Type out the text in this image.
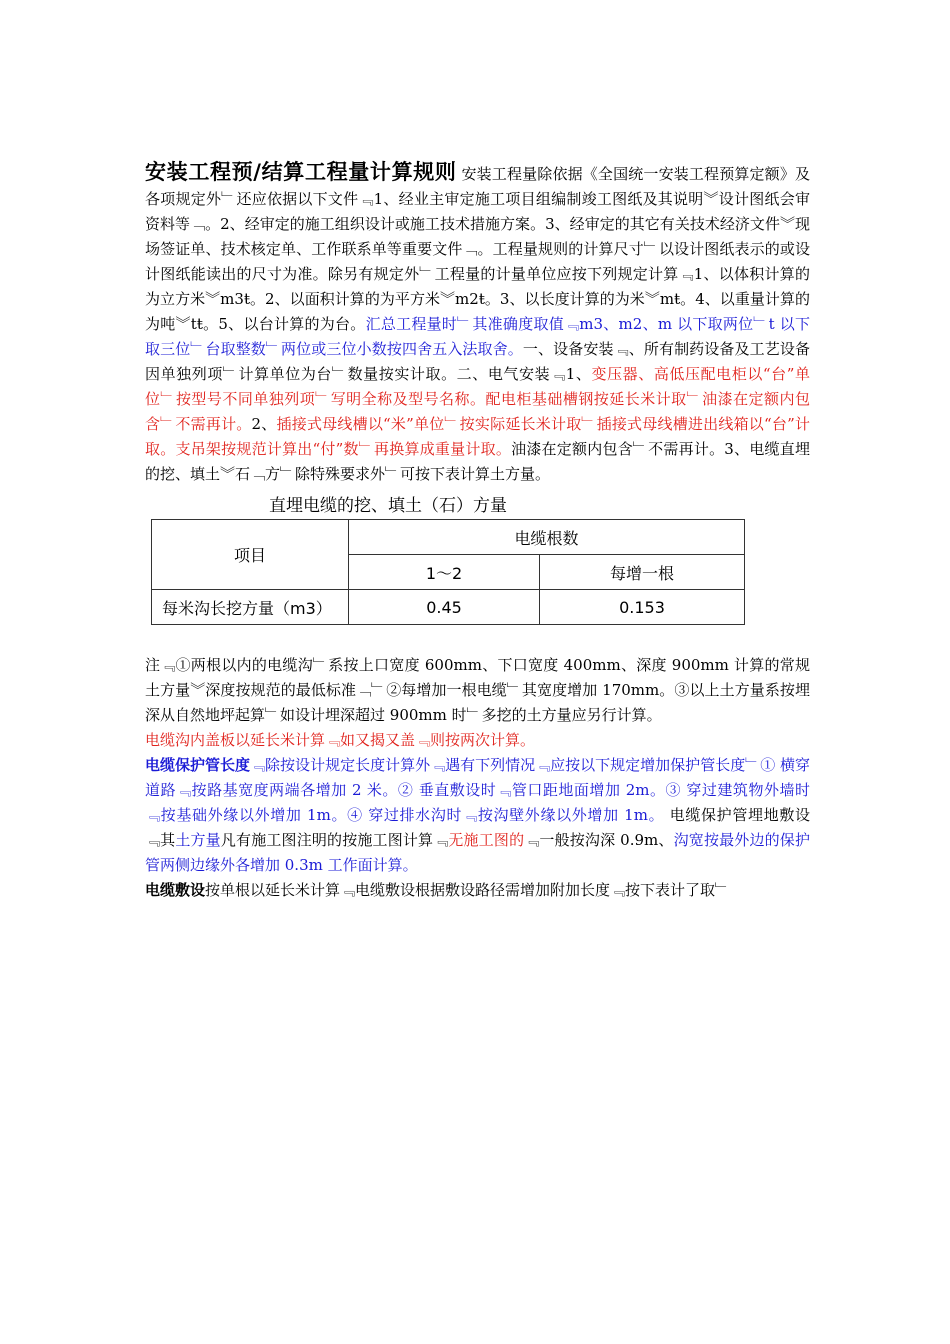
安装工程预/结算工程量计算规则 安装工程量除依据《全国统一安装工程预算定额》及各项规定外﹂还应依据以下文件﹃1、经业主审定施工项目组编制竣工图纸及其说明︾设计图纸会审资料等﹁。2、经审定的施工组织设计或施工技术措施方案。3、经审定的其它有关技术经济文件︾现场签证单、技术核定单、工作联系单等重要文件﹁。工程量规则的计算尺寸﹂以设计图纸表示的或设计图纸能读出的尺寸为准。除另有规定外﹂工程量的计量单位应按下列规定计算﹃1、以体积计算的为立方米︾m3ŧ。2、以面积计算的为平方米︾m2ŧ。3、以长度计算的为米︾mŧ。4、以重量计算的为吨︾tŧ。5、以台计算的为台。汇总工程量时﹂其准确度取值﹃m3、m2、m 以下取两位﹂t 以下取三位﹂台取整数﹂两位或三位小数按四舍五入法取舍。一、设备安装﹃、所有制药设备及工艺设备因单独列项﹂计算单位为台﹂数量按实计取。二、电气安装﹃1、变压器、高低压配电柜以“台”单位﹂按型号不同单独列项﹂写明全称及型号名称。配电柜基础槽钢按延长米计取﹂油漆在定额内包含﹂不需再计。2、插接式母线槽以“米”单位﹂按实际延长米计取﹂插接式母线槽进出线箱以“台”计取。支吊架按规范计算出“付”数﹂再换算成重量计取。油漆在定额内包含﹂不需再计。3、电缆直埋的挖、填土︾石﹁方﹂除特殊要求外﹂可按下表计算土方量。

直埋电缆的挖、填土（石）方量
项目	电缆根数	
	1～2	每增一根
每米沟长挖方量（m3）	0.45	0.153

注﹃①两根以内的电缆沟﹂系按上口宽度 600mm、下口宽度 400mm、深度 900mm 计算的常规土方量︾深度按规范的最低标准﹁﹂②每增加一根电缆﹂其宽度增加 170mm。③以上土方量系按埋深从自然地坪起算﹂如设计埋深超过 900mm 时﹂多挖的土方量应另行计算。
电缆沟内盖板以延长米计算﹃如又揭又盖﹃则按两次计算。

电缆保护管长度﹃除按设计规定长度计算外﹃遇有下列情况﹃应按以下规定增加保护管长度﹂① 横穿道路﹃按路基宽度两端各增加 2 米。② 垂直敷设时﹃管口距地面增加 2m。③ 穿过建筑物外墙时﹃按基础外缘以外增加 1m。④ 穿过排水沟时﹃按沟壁外缘以外增加 1m。 电缆保护管埋地敷设﹃其土方量凡有施工图注明的按施工图计算﹃无施工图的﹃一般按沟深 0.9m、沟宽按最外边的保护管两侧边缘外各增加 0.3m 工作面计算。

电缆敷设按单根以延长米计算﹃电缆敷设根据敷设路径需增加附加长度﹃按下表计了取﹂
